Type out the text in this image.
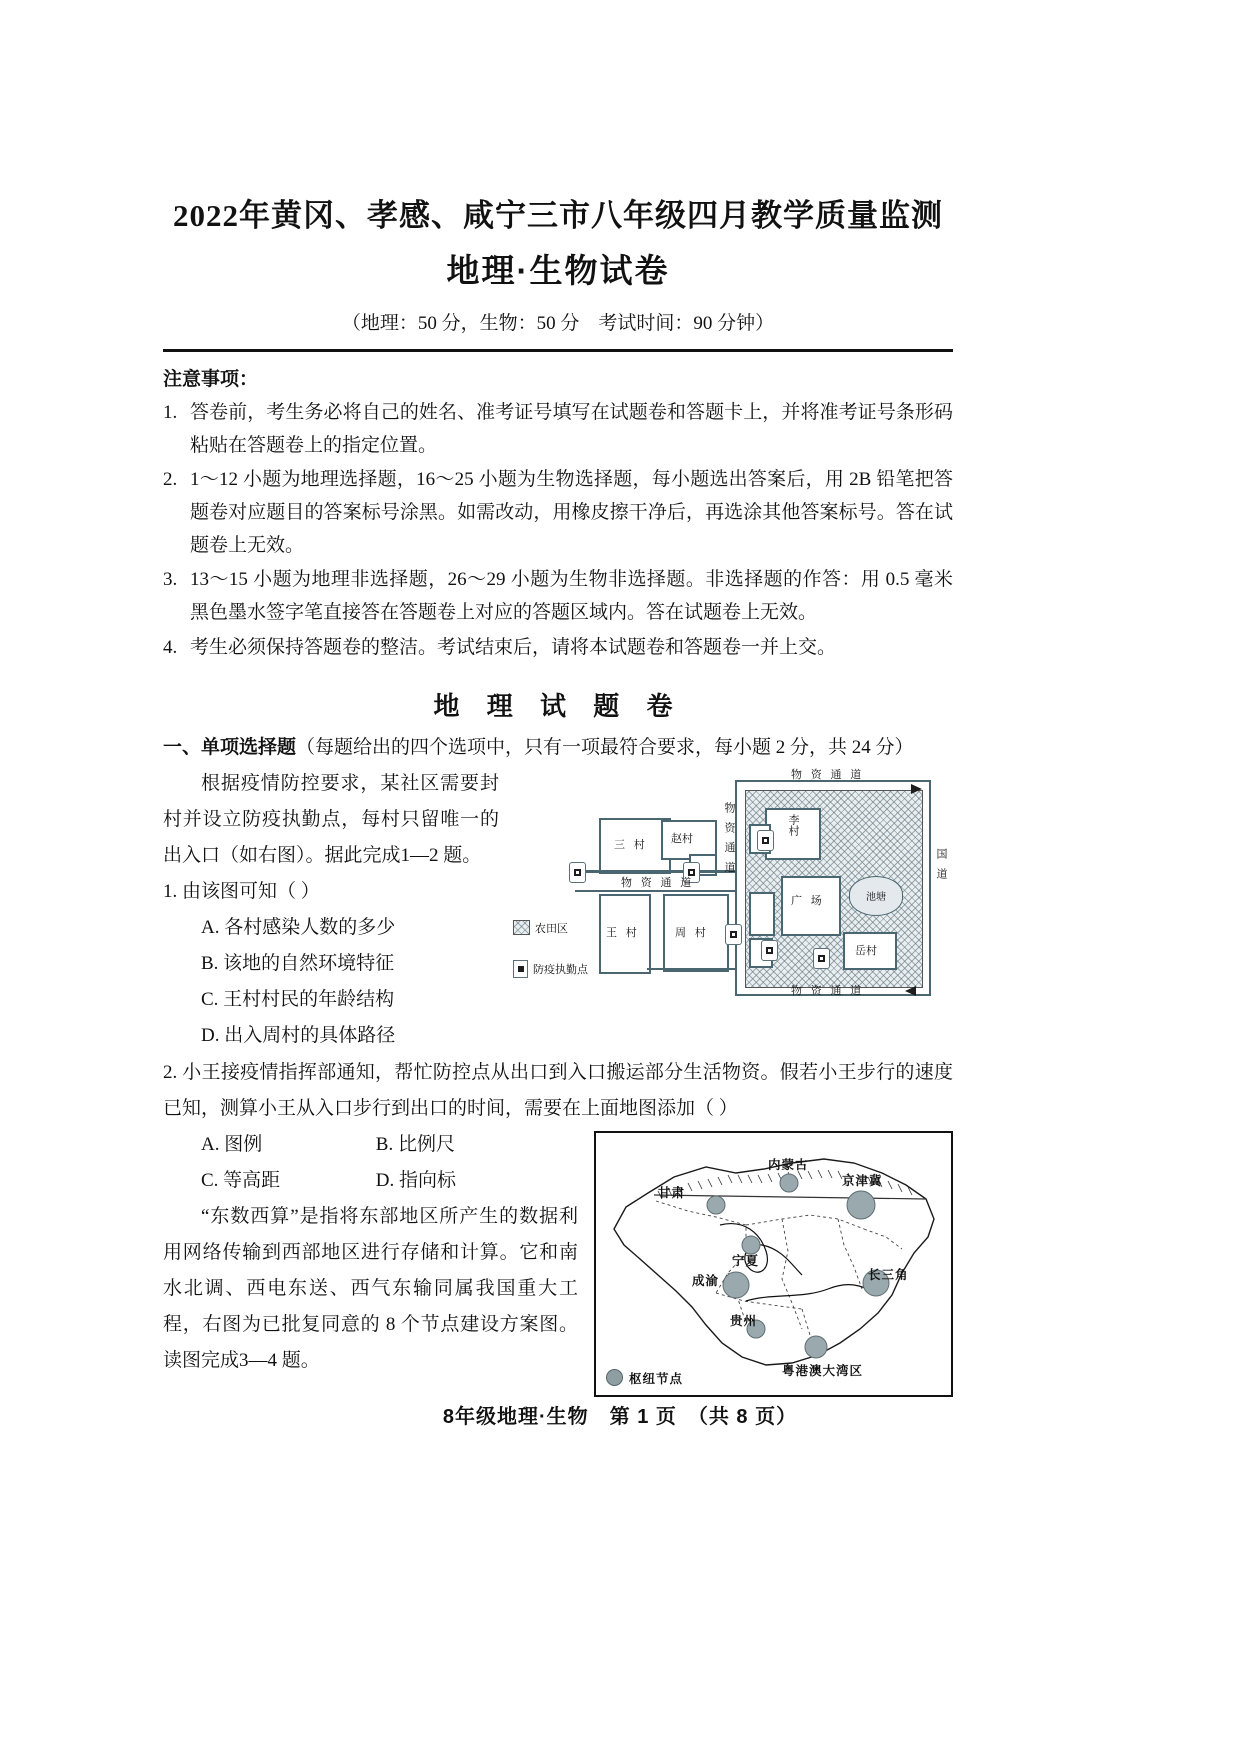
2022年黄冈、孝感、咸宁三市八年级四月教学质量监测
地理·生物试卷
（地理：50 分，生物：50 分　考试时间：90 分钟）
注意事项：
1. 答卷前，考生务必将自己的姓名、准考证号填写在试题卷和答题卡上，并将准考证号条形码粘贴在答题卷上的指定位置。
2. 1～12 小题为地理选择题，16～25 小题为生物选择题，每小题选出答案后，用 2B 铅笔把答题卷对应题目的答案标号涂黑。如需改动，用橡皮擦干净后，再选涂其他答案标号。答在试题卷上无效。
3. 13～15 小题为地理非选择题，26～29 小题为生物非选择题。非选择题的作答：用 0.5 毫米黑色墨水签字笔直接答在答题卷上对应的答题区域内。答在试题卷上无效。
4. 考生必须保持答题卷的整洁。考试结束后，请将本试题卷和答题卷一并上交。
地 理 试 题 卷
一、单项选择题（每题给出的四个选项中，只有一项最符合要求，每小题 2 分，共 24 分）
池塘
三 村 赵村
王 村	周 村
李村
岳村
广 场
物 资 通 道
物 资 通 道
物 资 通 道
物 资 通 道	国 道
农田区
防疫执勤点
根据疫情防控要求，某社区需要封村并设立防疫执勤点，每村只留唯一的出入口（如右图）。据此完成1—2 题。
1. 由该图可知（ ）
A. 各村感染人数的多少
B. 该地的自然环境特征
C. 王村村民的年龄结构
D. 出入周村的具体路径
2. 小王接疫情指挥部通知，帮忙防控点从出口到入口搬运部分生活物资。假若小王步行的速度已知，测算小王从入口步行到出口的时间，需要在上面地图添加（ ）
内蒙古
甘肃
京津冀
宁夏
长三角
成渝
贵州
粤港澳大湾区
枢纽节点
A. 图例	B. 比例尺
C. 等高距	D. 指向标
“东数西算”是指将东部地区所产生的数据利用网络传输到西部地区进行存储和计算。它和南水北调、西电东送、西气东输同属我国重大工程，右图为已批复同意的 8 个节点建设方案图。读图完成3—4 题。
8年级地理·生物　第 1 页　（共 8 页）
